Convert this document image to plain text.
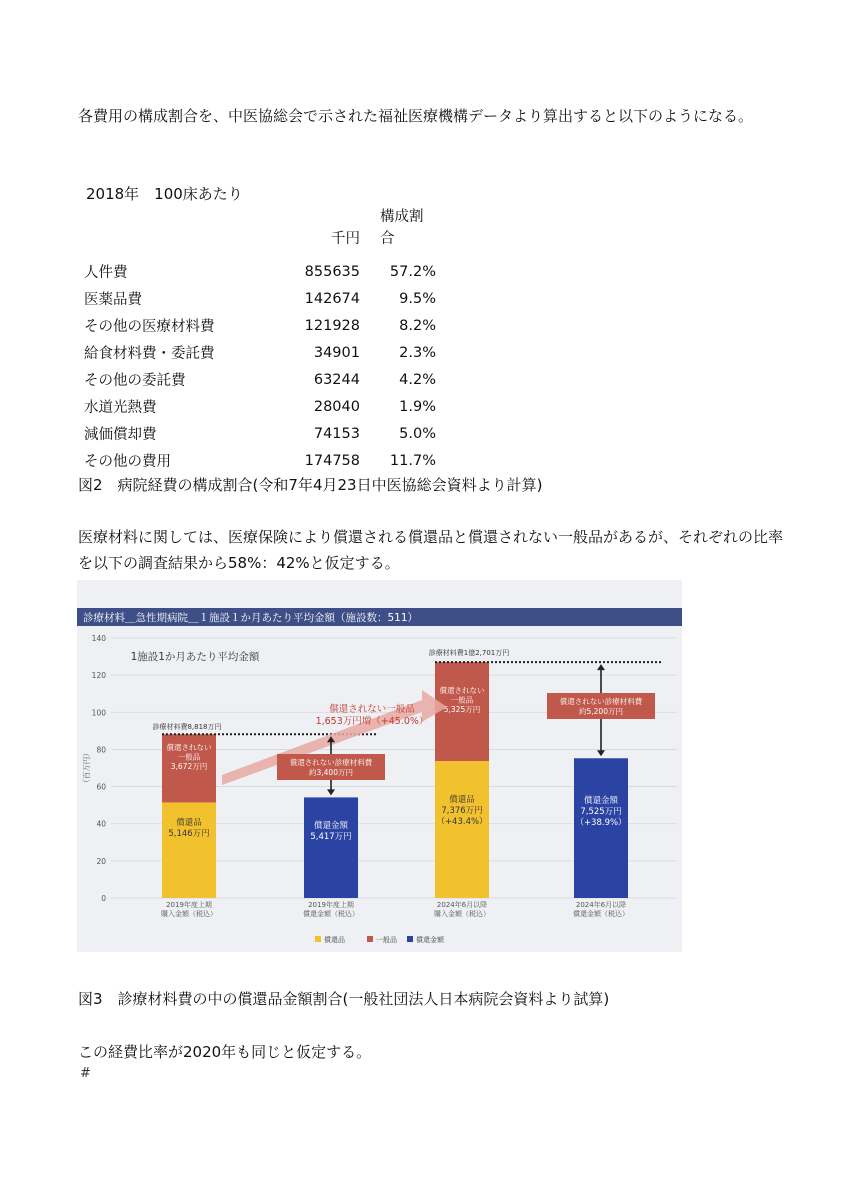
各費用の構成割合を、中医協総会で示された福祉医療機構データより算出すると以下のようになる。
2018年　100床あたり

	千円	構成割合

人件費	855635	57.2%
医薬品費	142674	9.5%
その他の医療材料費	121928	8.2%
給食材料費・委託費	34901	2.3%
その他の委託費	63244	4.2%
水道光熱費	28040	1.9%
減価償却費	74153	5.0%
その他の費用	174758	11.7%
図2　病院経費の構成割合(令和7年4月23日中医協総会資料より計算)
医療材料に関しては、医療保険により償還される償還品と償還されない一般品があるが、それぞれの比率を以下の調査結果から58%：42%と仮定する。
診療材料＿急性期病院＿１施設１か月あたり平均金額（施設数：511）
0
20
40
60
80
100
120
140
（百万円）
1施設1か月あたり平均金額
2019年度上期購入金額（税込）
2019年度上期償還金額（税込）
2024年6月以降購入金額（税込）
2024年6月以降償還金額（税込）
償還品 5,146万円
償還されない一般品 3,672万円
診療材料費8,818万円
償還金額 5,417万円
償還品 7,376万円（+43.4%）
償還されない一般品 5,325万円
診療材料費1億2,701万円
償還金額 7,525万円（+38.9%）
償還されない一般品 1,653万円増（+45.0%）
償還されない診療材料費約3,400万円
償還されない診療材料費約5,200万円
償還品	一般品	償還金額
図3　診療材料費の中の償還品金額割合(一般社団法人日本病院会資料より試算)
この経費比率が2020年も同じと仮定する。
#
